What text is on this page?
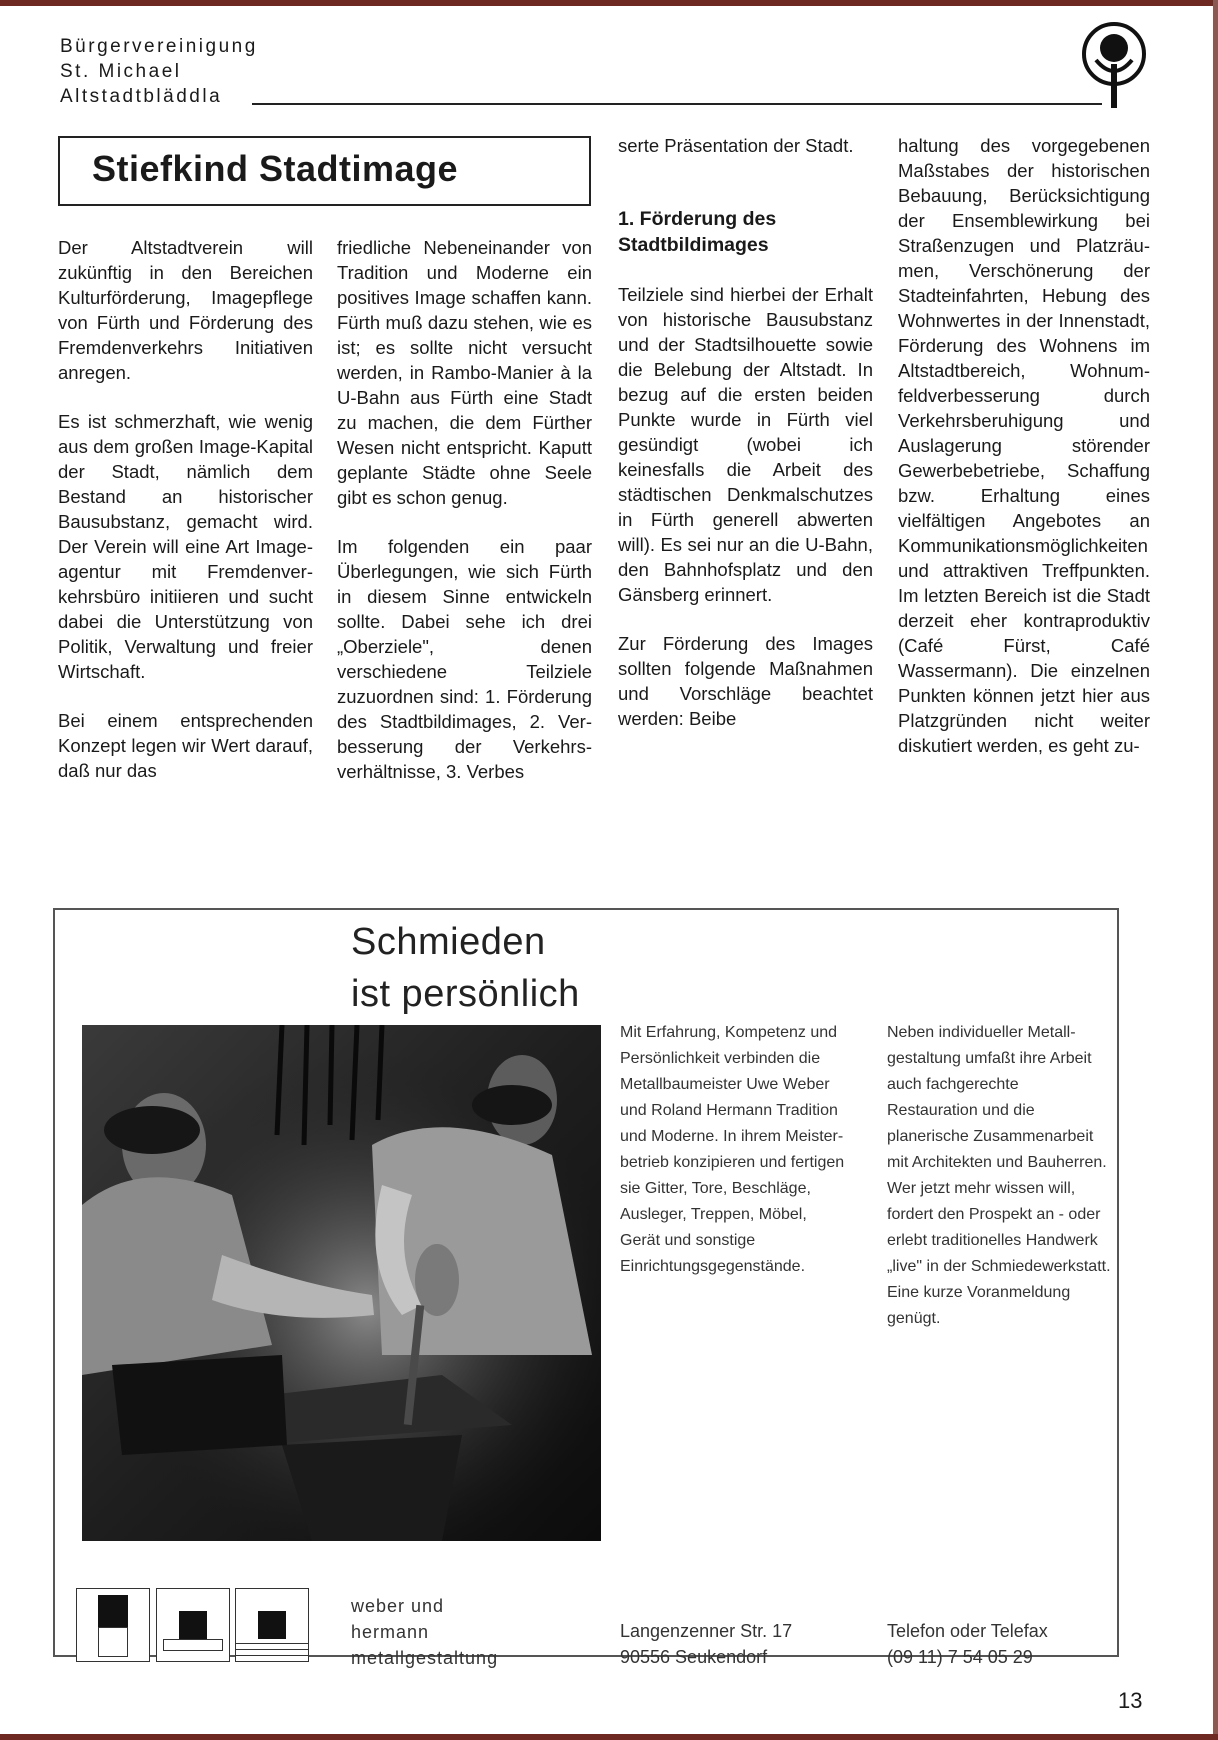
Bürgervereinigung
St. Michael
Altstadtbläddla
Stiefkind Stadtimage

Der Altstadtverein will zukünftig in den Bereichen Kulturförderung, Imagepflege von Fürth und Förderung des Fremdenverkehrs Initiativen anregen.

Es ist schmerzhaft, wie wenig aus dem großen Image-Kapital der Stadt, nämlich dem Bestand an historischer Bausubstanz, gemacht wird. Der Verein will eine Art Imageagentur mit Fremdenverkehrsbüro initiieren und sucht dabei die Unterstützung von Politik, Verwaltung und freier Wirtschaft.

Bei einem entsprechenden Konzept legen wir Wert darauf, daß nur das

friedliche Nebeneinander von Tradition und Moderne ein positives Image schaffen kann. Fürth muß dazu stehen, wie es ist; es sollte nicht versucht werden, in Rambo-Manier à la U-Bahn aus Fürth eine Stadt zu machen, die dem Fürther Wesen nicht entspricht. Kaputt geplante Städte ohne Seele gibt es schon genug.

Im folgenden ein paar Überlegungen, wie sich Fürth in diesem Sinne entwickeln sollte. Dabei sehe ich drei „Oberziele", denen verschiedene Teilziele zuzuordnen sind: 1. Förderung des Stadtbildimages, 2. Verbesserung der Verkehrsverhältnisse, 3. Verbes

serte Präsentation der Stadt.

1. Förderung des Stadtbildimages

Teilziele sind hierbei der Erhalt von historische Bausubstanz und der Stadtsilhouette sowie die Belebung der Altstadt. In bezug auf die ersten beiden Punkte wurde in Fürth viel gesündigt (wobei ich keinesfalls die Arbeit des städtischen Denkmalschutzes in Fürth generell abwerten will). Es sei nur an die U-Bahn, den Bahnhofsplatz und den Gänsberg erinnert.

Zur Förderung des Images sollten folgende Maßnahmen und Vorschläge beachtet werden: Beibe

haltung des vorgegebenen Maßstabes der historischen Bebauung, Berücksichtigung der Ensemblewirkung bei Straßenzugen und Platzräumen, Verschönerung der Stadteinfahrten, Hebung des Wohnwertes in der Innenstadt, Förderung des Wohnens im Altstadtbereich, Wohnumfeldverbesserung durch Verkehrsberuhigung und Auslagerung störender Gewerbebetriebe, Schaffung bzw. Erhaltung eines vielfältigen Angebotes an Kommunikationsmöglichkeiten und attraktiven Treffpunkten. Im letzten Bereich ist die Stadt derzeit eher kontraproduktiv (Café Fürst, Café Wassermann). Die einzelnen Punkten können jetzt hier aus Platzgründen nicht weiter diskutiert werden, es geht zu-

Schmieden
ist persönlich
Mit Erfahrung, Kompetenz und Persönlichkeit verbinden die Metallbaumeister Uwe Weber und Roland Hermann Tradition und Moderne. In ihrem Meisterbetrieb konzipieren und fertigen sie Gitter, Tore, Beschläge, Ausleger, Treppen, Möbel, Gerät und sonstige Einrichtungsgegenstände.
Neben individueller Metallgestaltung umfaßt ihre Arbeit auch fachgerechte Restauration und die planerische Zusammenarbeit mit Architekten und Bauherren. Wer jetzt mehr wissen will, fordert den Prospekt an - oder erlebt traditionelles Handwerk „live" in der Schmiedewerkstatt. Eine kurze Voranmeldung genügt.
weber und
hermann
metallgestaltung
Langenzenner Str. 17
90556 Seukendorf
Telefon oder Telefax
(09 11) 7 54 05 29
13
